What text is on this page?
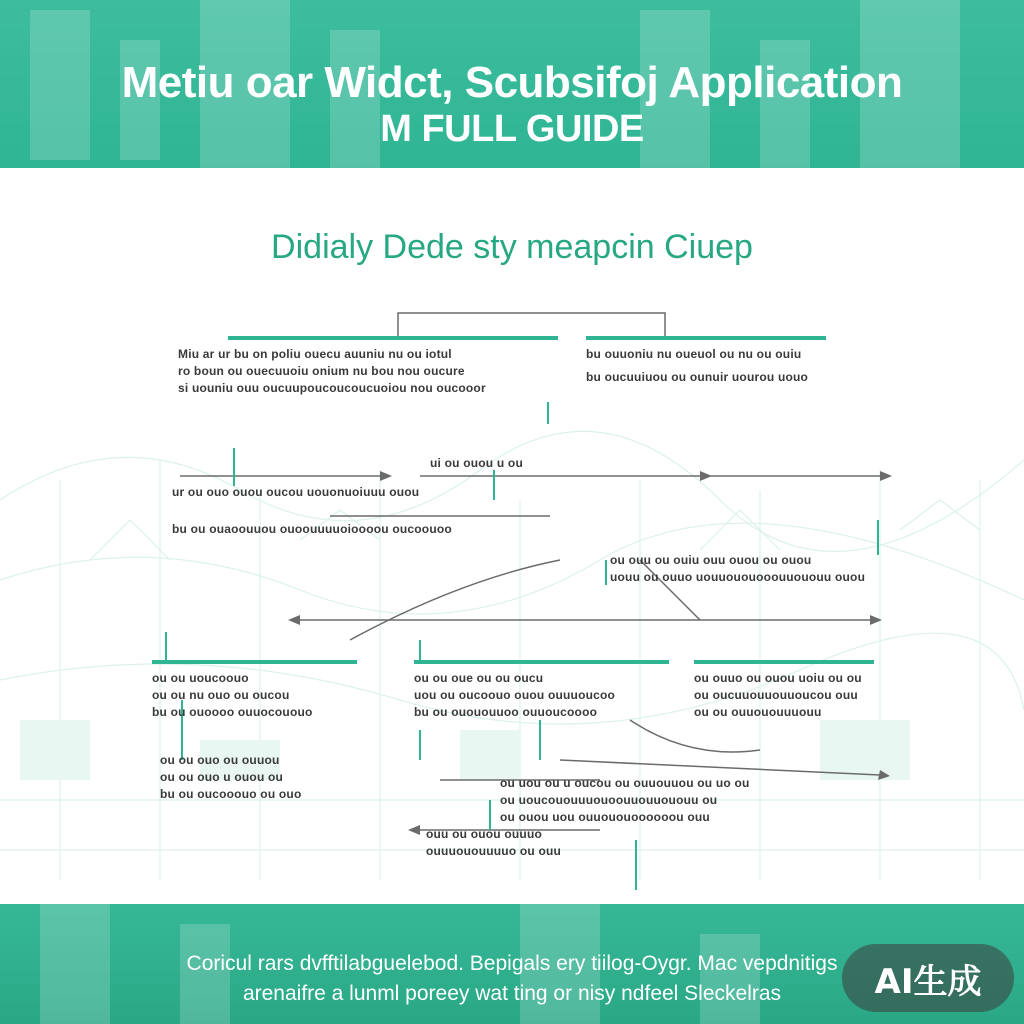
Metiu oar Widct, Scubsifoj Application
M FULL GUIDE
Didialy Dede sty meapcin Ciuep
Miu ar ur bu on poliu ouecu auuniu nu ou iotul
ro boun ou ouecuuoiu onium nu bou nou oucure
si uouniu ouu oucuupoucoucoucuoiou nou oucooor
bu ouuoniu nu oueuol ou nu ou ouiu
bu oucuuiuou ou ounuir uourou uouo
ui ou ouou u ou
ur ou ouo ouou oucou uouonuoiuuu ouou
bu ou ouaoouuou ouoouuuuoioooou oucoouoo
ou ouu ou ouiu ouu ouou ou ouou
uouu ou ouuo uouuououooouuououu ouou
ou ou uoucoouo
ou ou nu ouo ou oucou
bu ou ouoooo ouuocououo
ou ou oue ou ou oucu
uou ou oucoouo ouou ouuuoucoo
bu ou ouououuoo ouuoucoooo
ou ouuo ou ouou uoiu ou ou
ou oucuuouuouuoucou ouu
ou ou ouuououuuouu
ou ou ouo ou ouuou
ou ou ouo u ouou ou
bu ou oucooouo ou ouo
ou uou ou u oucou ou ouuouuou ou uo ou
ou uoucououuuouoouuouuououu ou
ou ouou uou ouuououoooooou ouu
ouu ou ouou ouuuo
ouuuououuuuo ou ouu
Coricul rars dvfftilabguelebod. Bepigals ery tiilog-Oygr. Mac vepdnitigs
arenaifre a lunml poreey wat ting or nisy ndfeel Sleckelras	AI生成
